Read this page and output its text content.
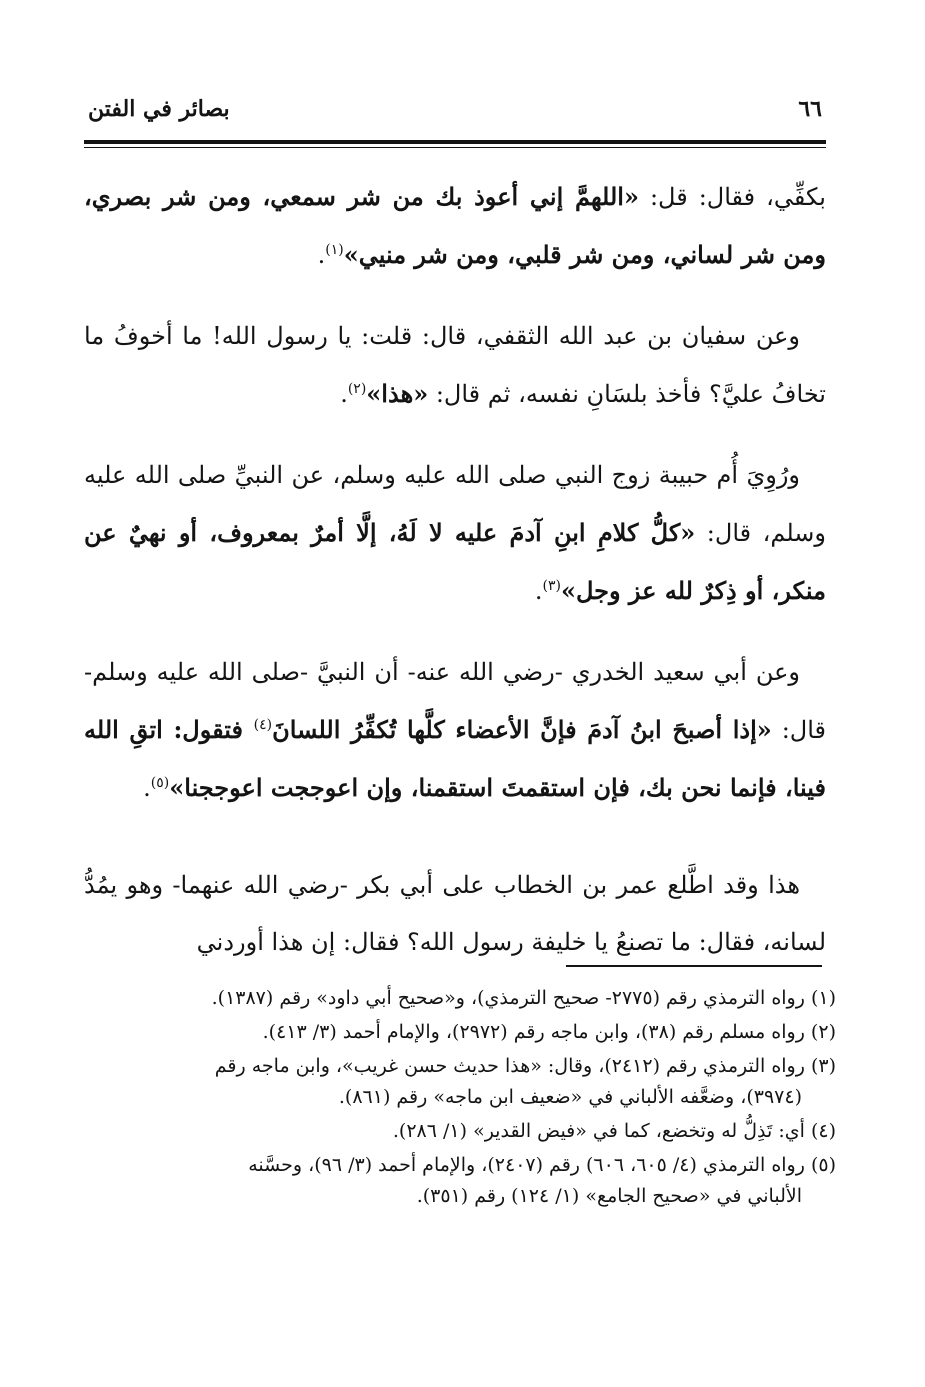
٦٦
بصائر في الفتن

بكفِّي، فقال: قل: «اللهمَّ إني أعوذ بك من شر سمعي، ومن شر بصري، ومن شر لساني، ومن شر قلبي، ومن شر منيي»$^{(١)}$.

وعن سفيان بن عبد الله الثقفي، قال: قلت: يا رسول الله! ما أخوفُ ما تخافُ عليَّ؟ فأخذ بلسَانِ نفسه، ثم قال: «هذا»$^{(٢)}$.

ورُوِيَ أُم حبيبة زوج النبي صلى الله عليه وسلم، عن النبيِّ صلى الله عليه وسلم، قال: «كلُّ كلامِ ابنِ آدمَ عليه لا لَهُ، إلَّا أمرٌ بمعروف، أو نهيٌ عن منكر، أو ذِكرٌ لله عز وجل»$^{(٣)}$.

وعن أبي سعيد الخدري -رضي الله عنه- أن النبيَّ -صلى الله عليه وسلم- قال: «إذا أصبحَ ابنُ آدمَ فإنَّ الأعضاء كلَّها تُكفِّرُ اللسانَ$^{(٤)}$ فتقول: اتقِ الله فينا، فإنما نحن بك، فإن استقمتَ استقمنا، وإن اعوججت اعوججنا»$^{(٥)}$.

هذا وقد اطَّلع عمر بن الخطاب على أبي بكر -رضي الله عنهما- وهو يمُدُّ لسانه، فقال: ما تصنعُ يا خليفة رسول الله؟ فقال: إن هذا أوردني

(١) رواه الترمذي رقم (٢٧٧٥- صحيح الترمذي)، و«صحيح أبي داود» رقم (١٣٨٧).
(٢) رواه مسلم رقم (٣٨)، وابن ماجه رقم (٢٩٧٢)، والإمام أحمد (٣/ ٤١٣).
(٣) رواه الترمذي رقم (٢٤١٢)، وقال: «هذا حديث حسن غريب»، وابن ماجه رقم
(٣٩٧٤)، وضعَّفه الألباني في «ضعيف ابن ماجه» رقم (٨٦١).
(٤) أي: تَذِلُّ له وتخضع، كما في «فيض القدير» (١/ ٢٨٦).
(٥) رواه الترمذي (٤/ ٦٠٥، ٦٠٦) رقم (٢٤٠٧)، والإمام أحمد (٣/ ٩٦)، وحسَّنه
الألباني في «صحيح الجامع» (١/ ١٢٤) رقم (٣٥١).
